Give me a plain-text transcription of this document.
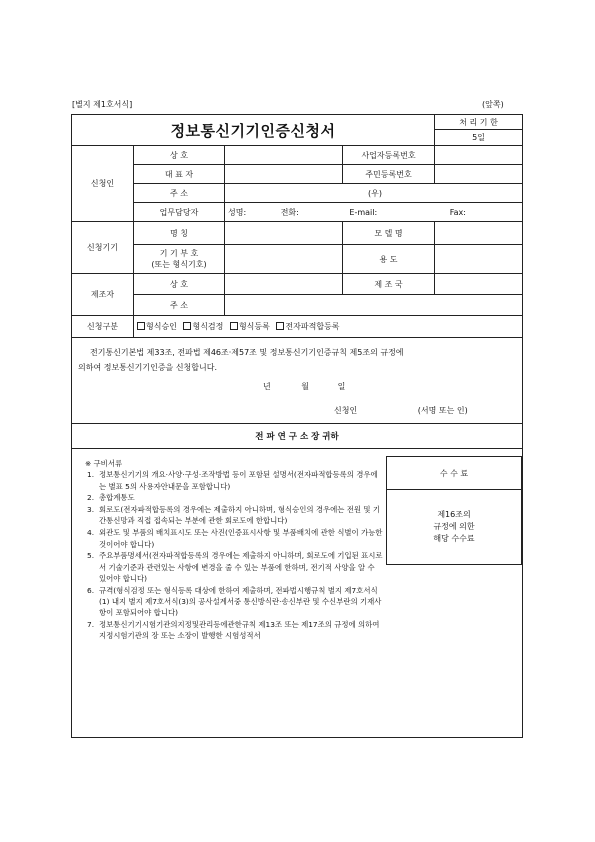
[별지 제1호서식]	(앞쪽)
정보통신기기인증신청서				처 리 기 한
5일

신청인	상 호		사업자등록번호	
	대 표 자		주민등록번호	
	주 소	(우)		
	업무담당자	성명: 전화: E-mail: Fax:		
신청기기	명 칭		모 델 명	

	기 기 부 호
(또는 형식기호)		용 도	
제조자	상 호		제 조 국	
	주 소			
신청구분	형식승인 형식검정 형식등록 전자파적합등록			

전기통신기본법 제33조, 전파법 제46조·제57조 및 정보통신기기인증규칙 제5조의 규정에
의하여 정보통신기기인증을 신청합니다.
년 월 일
신청인 (서명 또는 인)				

전 파 연 구 소 장 귀하				

※ 구비서류
1. 정보통신기기의 개요·사양·구성·조작방법 등이 포함된 설명서(전자파적합등록의 경우에는 별표 5의 사용자안내문을 포함합니다)
2. 총합계통도
3. 회로도(전자파적합등록의 경우에는 제출하지 아니하며, 형식승인의 경우에는 전원 및 기간통신망과 직접 접속되는 부분에 관한 회로도에 한합니다)
4. 외관도 및 부품의 배치표시도 또는 사진(인증표시사항 및 부품배치에 관한 식별이 가능한 것이어야 합니다)
5. 주요부품명세서(전자파적합등록의 경우에는 제출하지 아니하며, 회로도에 기입된 표시로서 기술기준과 관련있는 사항에 변경을 줄 수 있는 부품에 한하며, 전기적 사양을 알 수 있어야 합니다)
6. 규격(형식검정 또는 형식등록 대상에 한하여 제출하며, 전파법시행규칙 별지 제7호서식(1) 내지 별지 제7호서식(3)의 공사설계서중 통신방식란·송신부란 및 수신부란의 기재사항이 포함되어야 합니다)
7. 정보통신기기시험기관의지정및관리등에관한규칙 제13조 또는 제17조의 규정에 의하여 지정시험기관의 장 또는 소장이 발행한 시험성적서
수 수 료
제16조의
규정에 의한
해당 수수료
